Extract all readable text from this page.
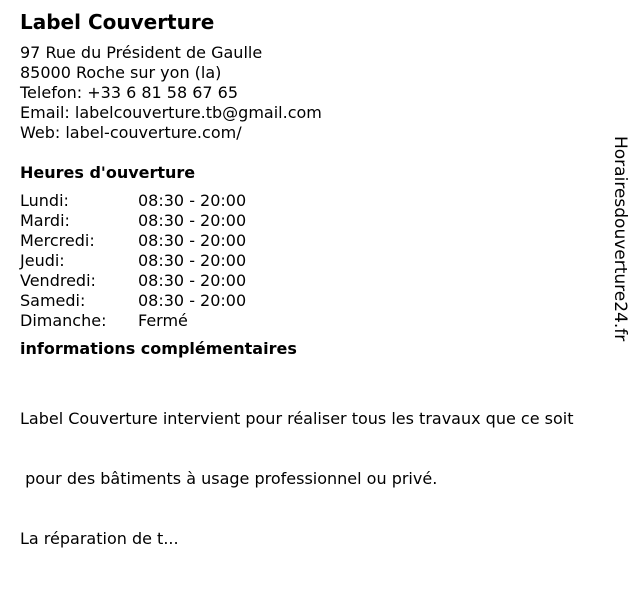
Label Couverture
97 Rue du Président de Gaulle
85000 Roche sur yon (la)
Telefon: +33 6 81 58 67 65
Email: labelcouverture.tb@gmail.com
Web: label-couverture.com/
Heures d'ouverture
Lundi:	08:30 - 20:00
Mardi:	08:30 - 20:00
Mercredi:	08:30 - 20:00
Jeudi:	08:30 - 20:00
Vendredi:	08:30 - 20:00
Samedi:	08:30 - 20:00
Dimanche:	Fermé
informations complémentaires

Label Couverture intervient pour réaliser tous les travaux que ce soit

pour des bâtiments à usage professionnel ou privé.

La réparation de t...

Horairesdouverture24.fr
